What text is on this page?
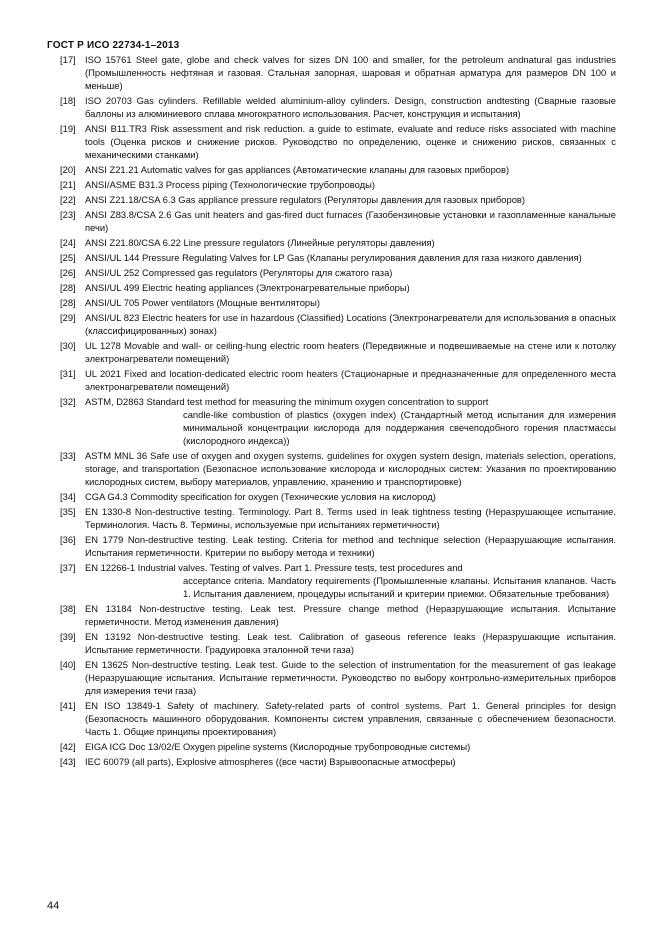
ГОСТ Р ИСО 22734-1–2013
[17] ISO 15761 Steel gate, globe and check valves for sizes DN 100 and smaller, for the petroleum andnatural gas industries (Промышленность нефтяная и газовая. Стальная запорная, шаровая и обратная арматура для размеров DN 100 и меньше)
[18] ISO 20703 Gas cylinders. Refillable welded aluminium-alloy cylinders. Design, construction andtesting (Сварные газовые баллоны из алюминиевого сплава многократного использования. Расчет, конструкция и испытания)
[19] ANSI B11.TR3 Risk assessment and risk reduction. a guide to estimate, evaluate and reduce risks associated with machine tools (Оценка рисков и снижение рисков. Руководство по определению, оценке и снижению рисков, связанных с механическими станками)
[20] ANSI Z21.21 Automatic valves for gas appliances (Автоматические клапаны для газовых приборов)
[21] ANSI/ASME B31.3 Process piping (Технологические трубопроводы)
[22] ANSI Z21.18/CSA 6.3 Gas appliance pressure regulators (Регуляторы давления для газовых приборов)
[23] ANSI Z83.8/CSA 2.6 Gas unit heaters and gas-fired duct furnaces (Газобензиновые установки и газопламенные канальные печи)
[24] ANSI Z21.80/CSA 6.22 Line pressure regulators (Линейные регуляторы давления)
[25] ANSI/UL 144 Pressure Regulating Valves for LP Gas (Клапаны регулирования давления для газа низкого давления)
[26] ANSI/UL 252 Compressed gas regulators (Регуляторы для сжатого газа)
[28] ANSI/UL 499 Electric heating appliances (Электронагревательные приборы)
[28] ANSI/UL 705 Power ventilators (Мощные вентиляторы)
[29] ANSI/UL 823 Electric heaters for use in hazardous (Classified) Locations (Электронагреватели для использования в опасных (классифицированных) зонах)
[30] UL 1278 Movable and wall- or ceiling-hung electric room heaters (Передвижные и подвешиваемые на стене или к потолку электронагреватели помещений)
[31] UL 2021 Fixed and location-dedicated electric room heaters (Стационарные и предназначенные для определенного места электронагреватели помещений)
[32] ASTM, D2863 Standard test method for measuring the minimum oxygen concentration to support
candle-like combustion of plastics (oxygen index) (Стандартный метод испытания для измерения минимальной концентрации кислорода для поддержания свечеподобного горения пластмассы (кислородного индекса))
[33] ASTM MNL 36 Safe use of oxygen and oxygen systems. guidelines for oxygen system design, materials selection, operations, storage, and transportation (Безопасное использование кислорода и кислородных систем: Указания по проектированию кислородных систем, выбору материалов, управлению, хранению и транспортировке)
[34] CGA G4.3 Commodity specification for oxygen (Технические условия на кислород)
[35] EN 1330-8 Non-destructive testing. Terminology. Part 8. Terms used in leak tightness testing (Неразрушающее испытание. Терминология. Часть 8. Термины, используемые при испытаниях герметичности)
[36] EN 1779 Non-destructive testing. Leak testing. Criteria for method and technique selection (Неразрушающие испытания. Испытания герметичности. Критерии по выбору метода и техники)
[37] EN 12266-1 Industrial valves. Testing of valves. Part 1. Pressure tests, test procedures and
acceptance criteria. Mandatory requirements (Промышленные клапаны. Испытания клапанов. Часть 1. Испытания давлением, процедуры испытаний и критерии приемки. Обязательные требования)
[38] EN 13184 Non-destructive testing. Leak test. Pressure change method (Неразрушающие испытания. Испытание герметичности. Метод изменения давления)
[39] EN 13192 Non-destructive testing. Leak test. Calibration of gaseous reference leaks (Неразрушающие испытания. Испытание герметичности. Градуировка эталонной течи газа)
[40] EN 13625 Non-destructive testing. Leak test. Guide to the selection of instrumentation for the measurement of gas leakage (Неразрушающие испытания. Испытание герметичности. Руководство по выбору контрольно-измерительных приборов для измерения течи газа)
[41] EN ISO 13849-1 Safety of machinery. Safety-related parts of control systems. Part 1. General principles for design (Безопасность машинного оборудования. Компоненты систем управления, связанные с обеспечением безопасности. Часть 1. Общие принципы проектирования)
[42] EIGA ICG Doc 13/02/E Oxygen pipeline systems (Кислородные трубопроводные системы)
[43] IEC 60079 (all parts), Explosive atmospheres ((все части) Взрывоопасные атмосферы)
44
